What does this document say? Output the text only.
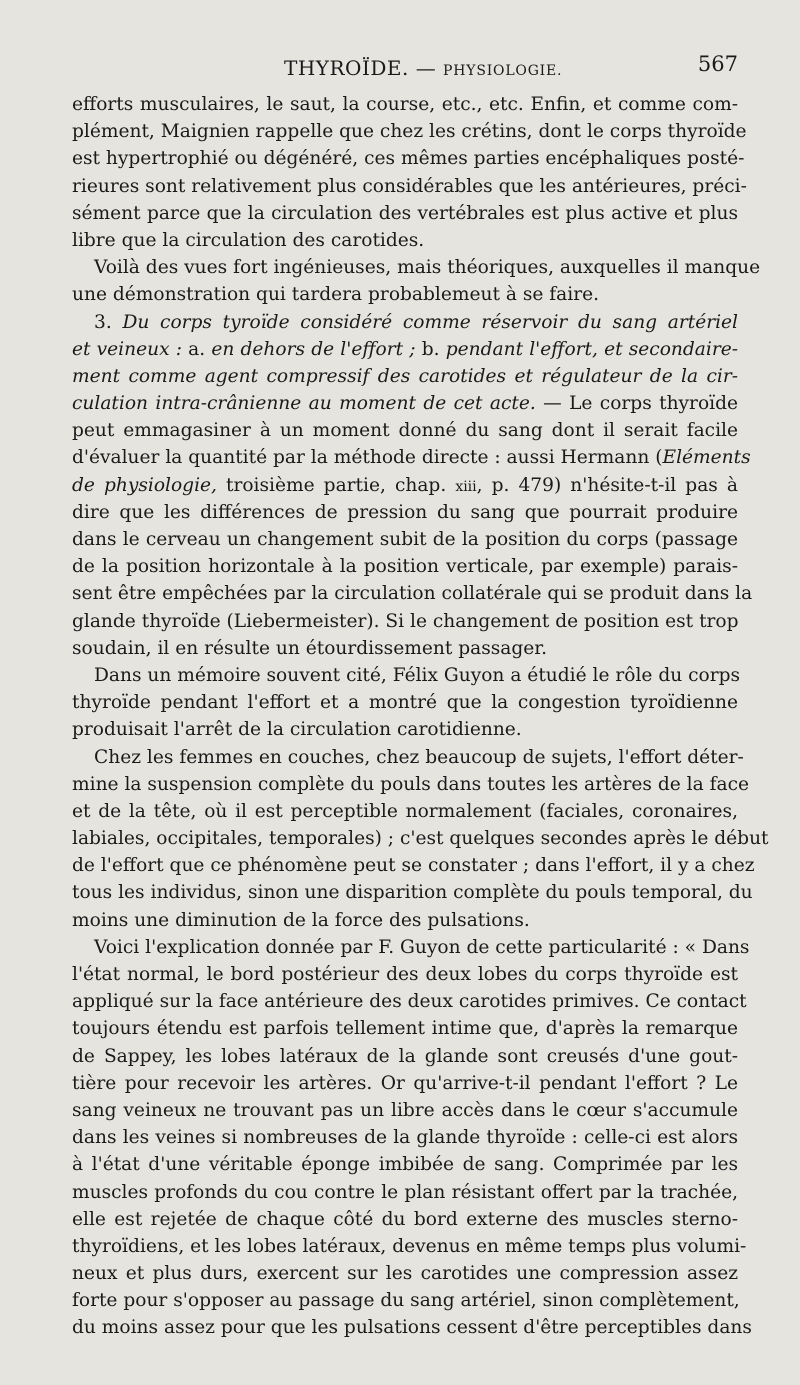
THYROÏDE. — PHYSIOLOGIE.	567
efforts musculaires, le saut, la course, etc., etc. Enfin, et comme com-
plément, Maignien rappelle que chez les crétins, dont le corps thyroïde
est hypertrophié ou dégénéré, ces mêmes parties encéphaliques posté-
rieures sont relativement plus considérables que les antérieures, préci-
sément parce que la circulation des vertébrales est plus active et plus
libre que la circulation des carotides.
Voilà des vues fort ingénieuses, mais théoriques, auxquelles il manque
une démonstration qui tardera probablemeut à se faire.
3. Du corps tyroïde considéré comme réservoir du sang artériel
et veineux : a. en dehors de l'effort ; b. pendant l'effort, et secondaire-
ment comme agent compressif des carotides et régulateur de la cir-
culation intra-crânienne au moment de cet acte. — Le corps thyroïde
peut emmagasiner à un moment donné du sang dont il serait facile
d'évaluer la quantité par la méthode directe : aussi Hermann (Eléments
de physiologie, troisième partie, chap. xiii, p. 479) n'hésite-t-il pas à
dire que les différences de pression du sang que pourrait produire
dans le cerveau un changement subit de la position du corps (passage
de la position horizontale à la position verticale, par exemple) parais-
sent être empêchées par la circulation collatérale qui se produit dans la
glande thyroïde (Liebermeister). Si le changement de position est trop
soudain, il en résulte un étourdissement passager.
Dans un mémoire souvent cité, Félix Guyon a étudié le rôle du corps
thyroïde pendant l'effort et a montré que la congestion tyroïdienne
produisait l'arrêt de la circulation carotidienne.
Chez les femmes en couches, chez beaucoup de sujets, l'effort déter-
mine la suspension complète du pouls dans toutes les artères de la face
et de la tête, où il est perceptible normalement (faciales, coronaires,
labiales, occipitales, temporales) ; c'est quelques secondes après le début
de l'effort que ce phénomène peut se constater ; dans l'effort, il y a chez
tous les individus, sinon une disparition complète du pouls temporal, du
moins une diminution de la force des pulsations.
Voici l'explication donnée par F. Guyon de cette particularité : « Dans
l'état normal, le bord postérieur des deux lobes du corps thyroïde est
appliqué sur la face antérieure des deux carotides primives. Ce contact
toujours étendu est parfois tellement intime que, d'après la remarque
de Sappey, les lobes latéraux de la glande sont creusés d'une gout-
tière pour recevoir les artères. Or qu'arrive-t-il pendant l'effort ? Le
sang veineux ne trouvant pas un libre accès dans le cœur s'accumule
dans les veines si nombreuses de la glande thyroïde : celle-ci est alors
à l'état d'une véritable éponge imbibée de sang. Comprimée par les
muscles profonds du cou contre le plan résistant offert par la trachée,
elle est rejetée de chaque côté du bord externe des muscles sterno-
thyroïdiens, et les lobes latéraux, devenus en même temps plus volumi-
neux et plus durs, exercent sur les carotides une compression assez
forte pour s'opposer au passage du sang artériel, sinon complètement,
du moins assez pour que les pulsations cessent d'être perceptibles dans
